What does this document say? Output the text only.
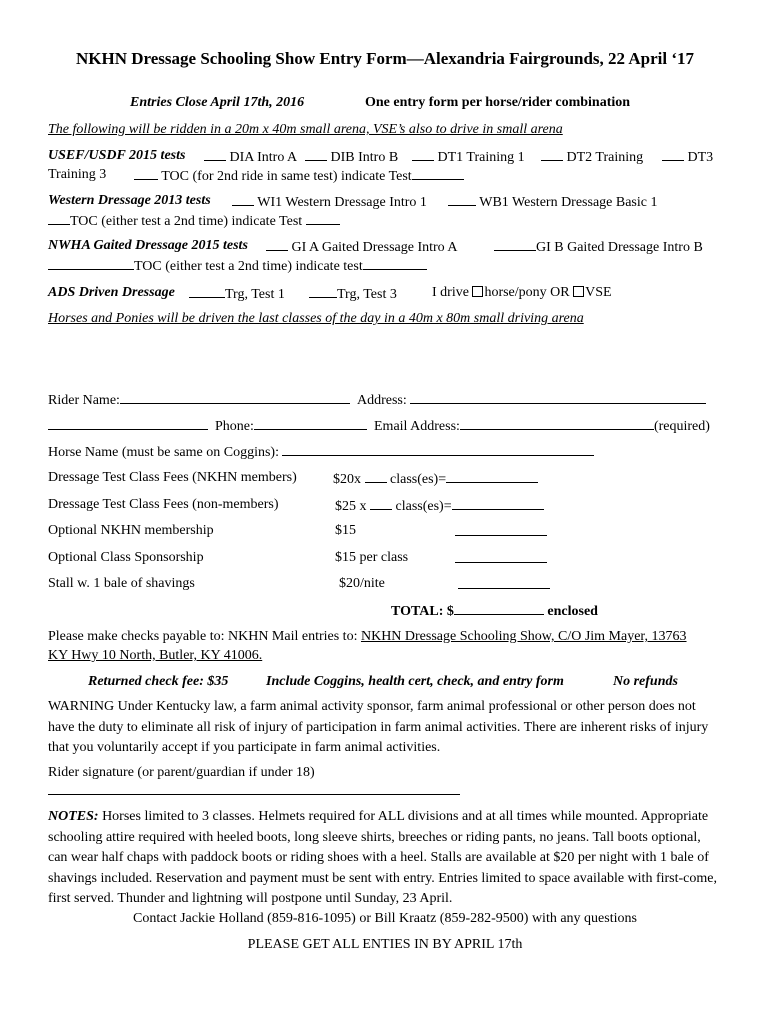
NKHN Dressage Schooling Show Entry Form—Alexandria Fairgrounds, 22 April ‘17
Entries Close April 17th, 2016	One entry form per horse/rider combination
The following will be ridden in a 20m x 40m small arena, VSE’s also to drive in small arena
USEF/USDF 2015 tests	DIA Intro A	DIB Intro B	DT1 Training 1	DT2 Training	DT3
Training 3	TOC (for 2nd ride in same test) indicate Test
Western Dressage 2013 tests	WI1 Western Dressage Intro 1	WB1 Western Dressage Basic 1
TOC (either test a 2nd time) indicate Test
NWHA Gaited Dressage 2015 tests	GI A Gaited Dressage Intro A	GI B Gaited Dressage Intro B
TOC (either test a 2nd time) indicate test
ADS Driven Dressage	Trg, Test 1	Trg, Test 3	I drive horse/pony OR VSE
Horses and Ponies will be driven the last classes of the day in a 40m x 80m small driving arena
Rider Name:	Address:
Phone:	Email Address:	(required)
Horse Name (must be same on Coggins):
Dressage Test Class Fees (NKHN members)	$20x class(es)=
Dressage Test Class Fees (non-members)	$25 x class(es)=
Optional NKHN membership	$15
Optional Class Sponsorship	$15 per class
Stall w. 1 bale of shavings	$20/nite
TOTAL: $	enclosed
Please make checks payable to: NKHN Mail entries to: NKHN Dressage Schooling Show, C/O Jim Mayer, 13763
KY Hwy 10 North, Butler, KY 41006.
Returned check fee: $35	Include Coggins, health cert, check, and entry form	No refunds
WARNING Under Kentucky law, a farm animal activity sponsor, farm animal professional or other person does not have the duty to eliminate all risk of injury of participation in farm animal activities. There are inherent risks of injury that you voluntarily accept if you participate in farm animal activities.
Rider signature (or parent/guardian if under 18)
NOTES: Horses limited to 3 classes. Helmets required for ALL divisions and at all times while mounted. Appropriate schooling attire required with heeled boots, long sleeve shirts, breeches or riding pants, no jeans. Tall boots optional, can wear half chaps with paddock boots or riding shoes with a heel. Stalls are available at $20 per night with 1 bale of shavings included. Reservation and payment must be sent with entry. Entries limited to space available with first-come, first served. Thunder and lightning will postpone until Sunday, 23 April.
Contact Jackie Holland (859-816-1095) or Bill Kraatz (859-282-9500) with any questions
PLEASE GET ALL ENTIES IN BY APRIL 17th
